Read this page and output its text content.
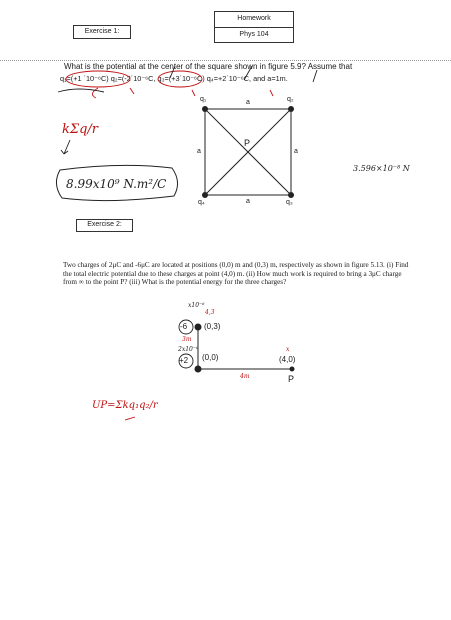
Homework
Phys 104
Exercise 1:
What is the potential at the center of the square shown in figure 5.9? Assume that
q₁=(+1 ´10⁻⁶C) q₂=(-2´10⁻⁶C, q₃=(+3´10⁻⁶C) q₄=+2´10⁻⁶C, and a=1m.
q₁	q₂
q₃
q₄
P
a
a	a
a
kΣq/r
8.99x10⁹ N.m²/C
3.596×10⁻⁸ N
Exercise 2:
Two charges of 2μC and -6μC are located at positions (0,0) m and (0,3) m, respectively as shown in figure 5.13. (i) Find the total electric potential due to these charges at point (4,0) m. (ii) How much work is required to bring a 3μC charge from ∞ to the point P? (iii) What is the potential energy for the three charges?
-6 (0,3)
+2 (0,0)	(4,0)
P
x10⁻⁶
4,3
3m
2x10⁻⁶
4m
x
UP=Σkq₁q₂/r
